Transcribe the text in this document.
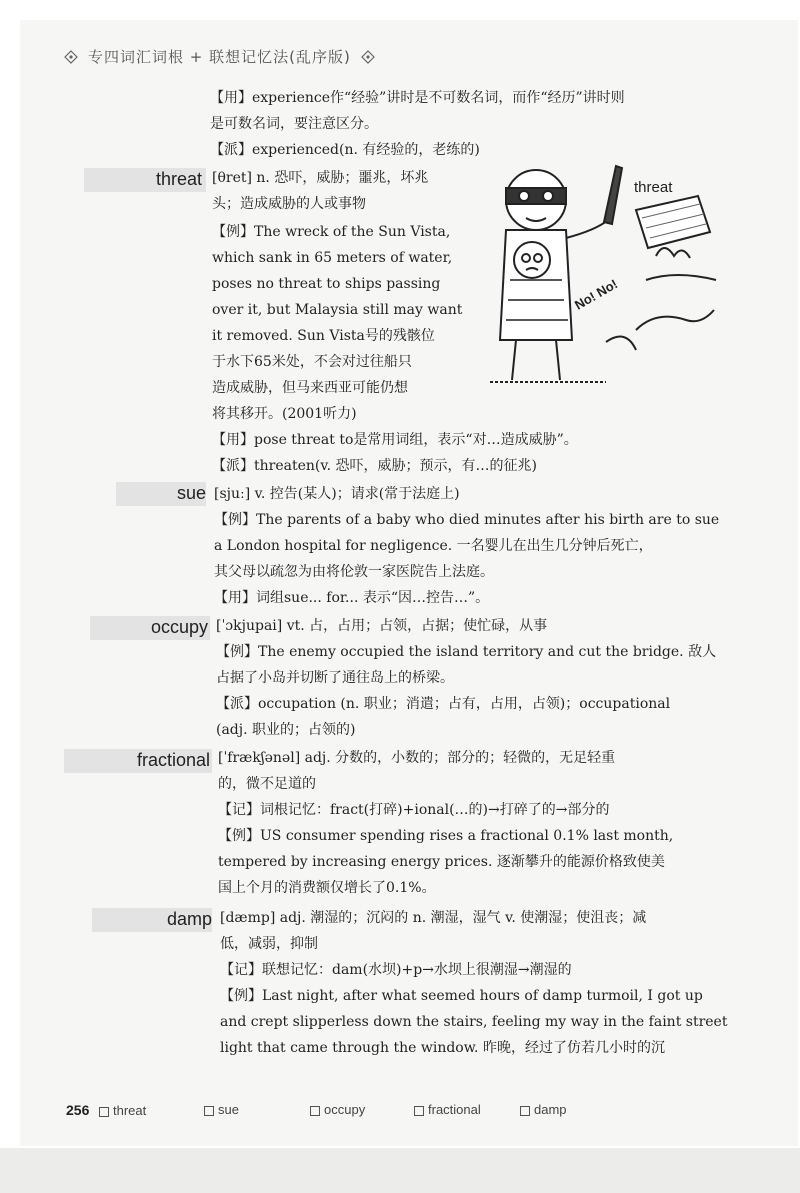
专四词汇词根 + 联想记忆法(乱序版)
【用】experience作“经验”讲时是不可数名词，而作“经历”讲时则
是可数名词，要注意区分。
【派】experienced(n. 有经验的，老练的)
threat [θret] n. 恐吓，威胁；噩兆，坏兆
头；造成威胁的人或事物
【例】The wreck of the Sun Vista,
which sank in 65 meters of water,
poses no threat to ships passing
over it, but Malaysia still may want
it removed. Sun Vista号的残骸位
于水下65米处，不会对过往船只
造成威胁，但马来西亚可能仍想
将其移开。(2001听力)
【用】pose threat to是常用词组，表示“对…造成威胁”。
【派】threaten(v. 恐吓，威胁；预示，有…的征兆)
threat
No! No!
sue [sjuː] v. 控告(某人)；请求(常于法庭上)
【例】The parents of a baby who died minutes after his birth are to sue
a London hospital for negligence. 一名婴儿在出生几分钟后死亡，
其父母以疏忽为由将伦敦一家医院告上法庭。
【用】词组sue... for... 表示“因…控告…”。
occupy [ˈɔkjupai] vt. 占，占用；占领，占据；使忙碌，从事
【例】The enemy occupied the island territory and cut the bridge. 敌人
占据了小岛并切断了通往岛上的桥梁。
【派】occupation (n. 职业；消遣；占有，占用，占领)；occupational
(adj. 职业的；占领的)
fractional [ˈfrækʃənəl] adj. 分数的，小数的；部分的；轻微的，无足轻重
的，微不足道的
【记】词根记忆：fract(打碎)+ional(…的)→打碎了的→部分的
【例】US consumer spending rises a fractional 0.1% last month,
tempered by increasing energy prices. 逐渐攀升的能源价格致使美
国上个月的消费额仅增长了0.1%。
damp [dæmp] adj. 潮湿的；沉闷的 n. 潮湿，湿气 v. 使潮湿；使沮丧；减
低，减弱，抑制
【记】联想记忆：dam(水坝)+p→水坝上很潮湿→潮湿的
【例】Last night, after what seemed hours of damp turmoil, I got up
and crept slipperless down the stairs, feeling my way in the faint street
light that came through the window. 昨晚，经过了仿若几小时的沉
256 threat	sue	occupy	fractional	damp
